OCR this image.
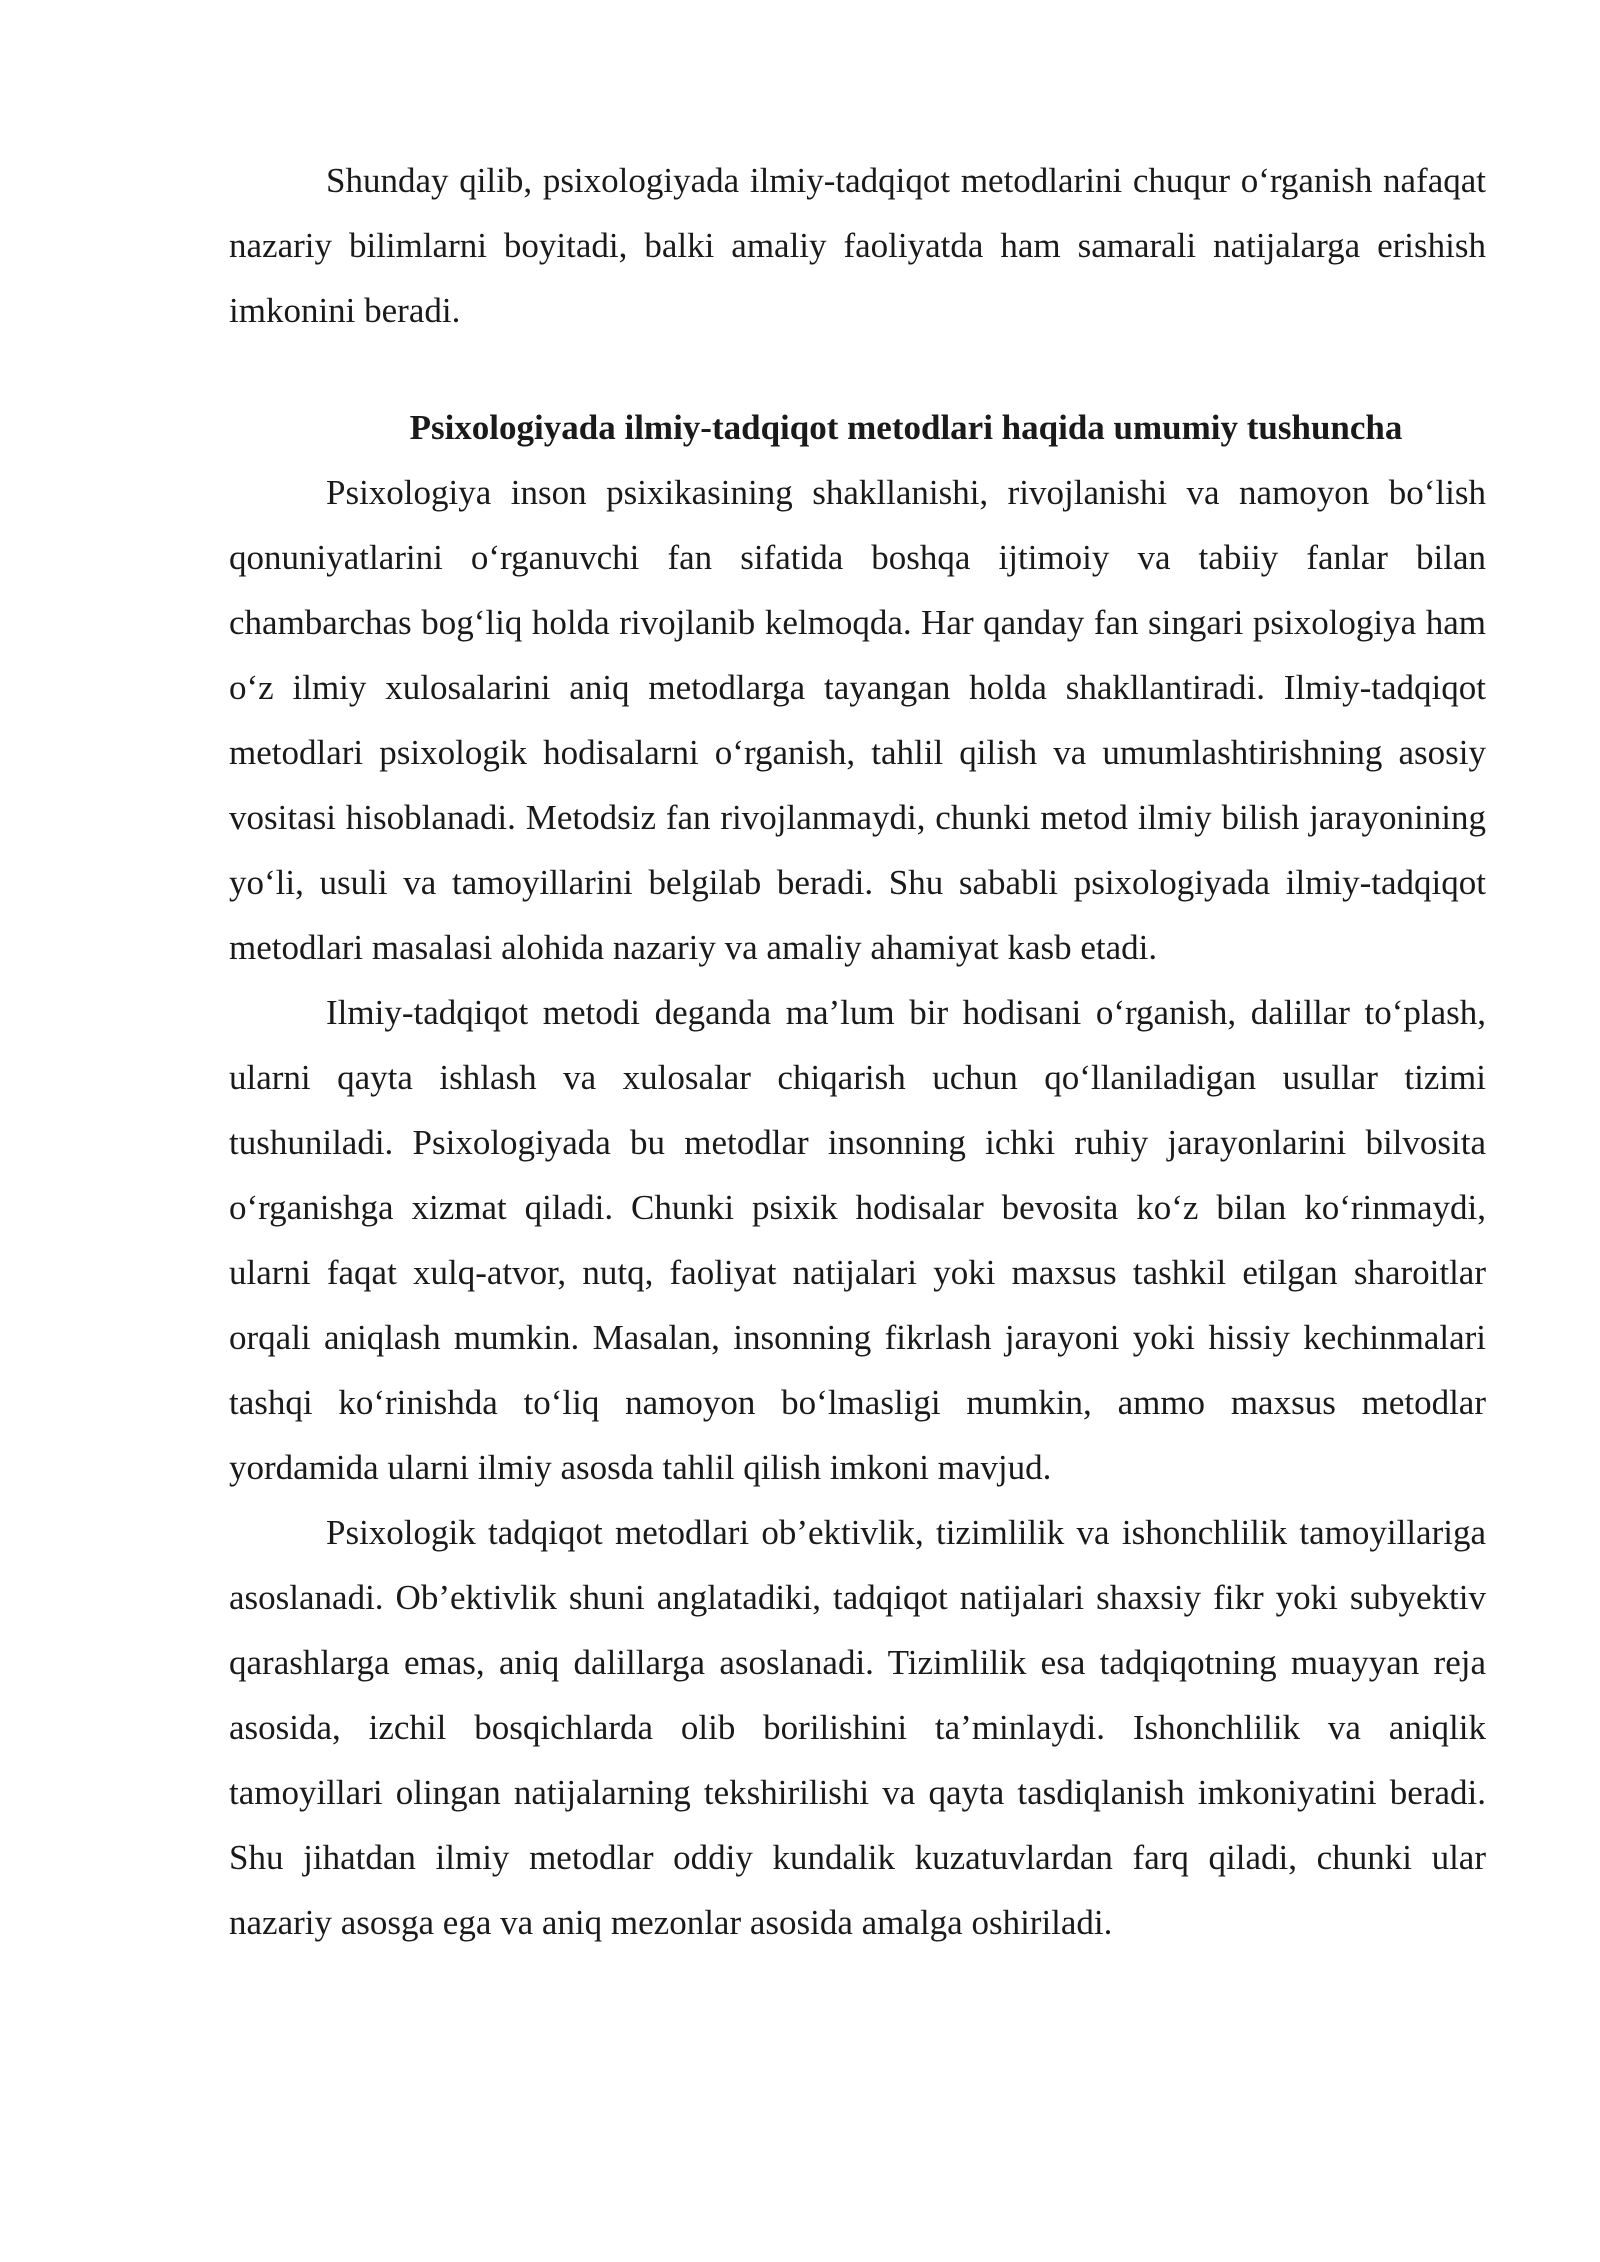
Shunday qilib, psixologiyada ilmiy-tadqiqot metodlarini chuqur o‘rganish nafaqat nazariy bilimlarni boyitadi, balki amaliy faoliyatda ham samarali natijalarga erishish imkonini beradi.

Psixologiyada ilmiy-tadqiqot metodlari haqida umumiy tushuncha

Psixologiya inson psixikasining shakllanishi, rivojlanishi va namoyon bo‘lish qonuniyatlarini o‘rganuvchi fan sifatida boshqa ijtimoiy va tabiiy fanlar bilan chambarchas bog‘liq holda rivojlanib kelmoqda. Har qanday fan singari psixologiya ham o‘z ilmiy xulosalarini aniq metodlarga tayangan holda shakllantiradi. Ilmiy-tadqiqot metodlari psixologik hodisalarni o‘rganish, tahlil qilish va umumlashtirishning asosiy vositasi hisoblanadi. Metodsiz fan rivojlanmaydi, chunki metod ilmiy bilish jarayonining yo‘li, usuli va tamoyillarini belgilab beradi. Shu sababli psixologiyada ilmiy-tadqiqot metodlari masalasi alohida nazariy va amaliy ahamiyat kasb etadi.

Ilmiy-tadqiqot metodi deganda ma’lum bir hodisani o‘rganish, dalillar to‘plash, ularni qayta ishlash va xulosalar chiqarish uchun qo‘llaniladigan usullar tizimi tushuniladi. Psixologiyada bu metodlar insonning ichki ruhiy jarayonlarini bilvosita o‘rganishga xizmat qiladi. Chunki psixik hodisalar bevosita ko‘z bilan ko‘rinmaydi, ularni faqat xulq-atvor, nutq, faoliyat natijalari yoki maxsus tashkil etilgan sharoitlar orqali aniqlash mumkin. Masalan, insonning fikrlash jarayoni yoki hissiy kechinmalari tashqi ko‘rinishda to‘liq namoyon bo‘lmasligi mumkin, ammo maxsus metodlar yordamida ularni ilmiy asosda tahlil qilish imkoni mavjud.

Psixologik tadqiqot metodlari ob’ektivlik, tizimlilik va ishonchlilik tamoyillariga asoslanadi. Ob’ektivlik shuni anglatadiki, tadqiqot natijalari shaxsiy fikr yoki subyektiv qarashlarga emas, aniq dalillarga asoslanadi. Tizimlilik esa tadqiqotning muayyan reja asosida, izchil bosqichlarda olib borilishini ta’minlaydi. Ishonchlilik va aniqlik tamoyillari olingan natijalarning tekshirilishi va qayta tasdiqlanish imkoniyatini beradi. Shu jihatdan ilmiy metodlar oddiy kundalik kuzatuvlardan farq qiladi, chunki ular nazariy asosga ega va aniq mezonlar asosida amalga oshiriladi.
